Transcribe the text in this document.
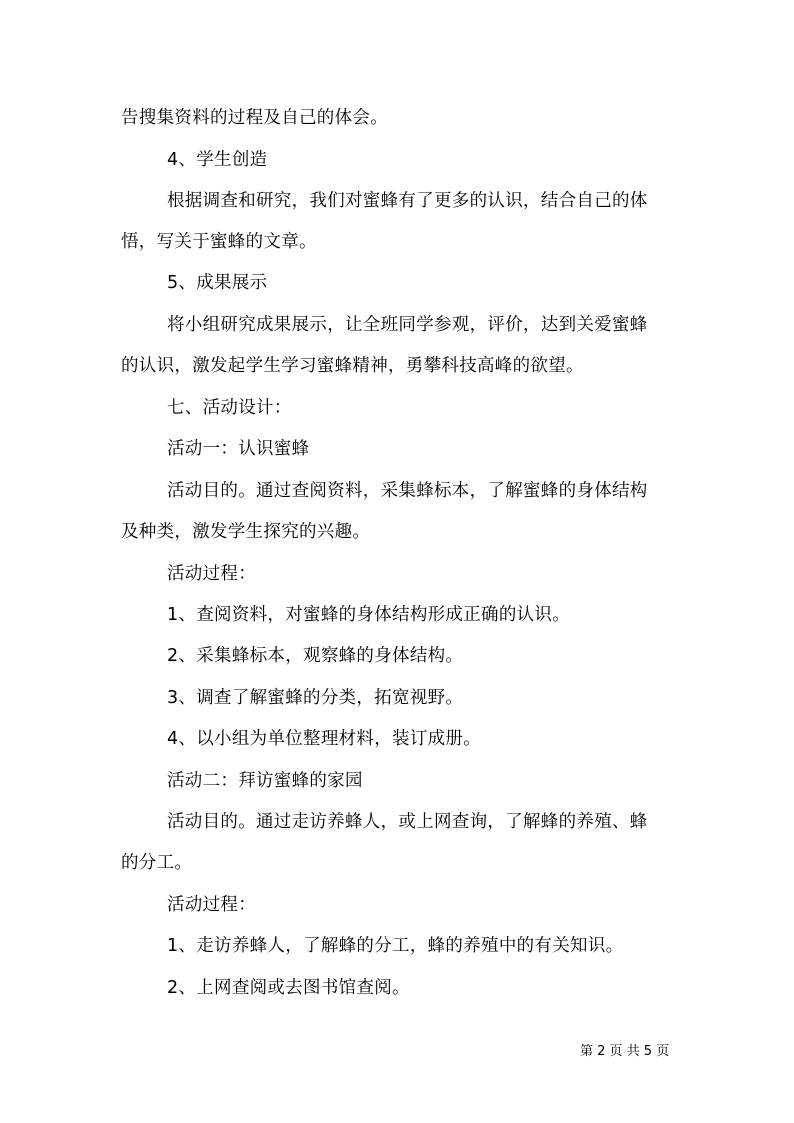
告搜集资料的过程及自己的体会。
4、学生创造
根据调查和研究，我们对蜜蜂有了更多的认识，结合自己的体
悟，写关于蜜蜂的文章。
5、成果展示
将小组研究成果展示，让全班同学参观，评价，达到关爱蜜蜂
的认识，激发起学生学习蜜蜂精神，勇攀科技高峰的欲望。
七、活动设计：
活动一：认识蜜蜂
活动目的。通过查阅资料，采集蜂标本，了解蜜蜂的身体结构
及种类，激发学生探究的兴趣。
活动过程：
1、查阅资料，对蜜蜂的身体结构形成正确的认识。
2、采集蜂标本，观察蜂的身体结构。
3、调查了解蜜蜂的分类，拓宽视野。
4、以小组为单位整理材料，装订成册。
活动二：拜访蜜蜂的家园
活动目的。通过走访养蜂人，或上网查询，了解蜂的养殖、蜂
的分工。
活动过程：
1、走访养蜂人，了解蜂的分工，蜂的养殖中的有关知识。
2、上网查阅或去图书馆查阅。
第 2 页 共 5 页
